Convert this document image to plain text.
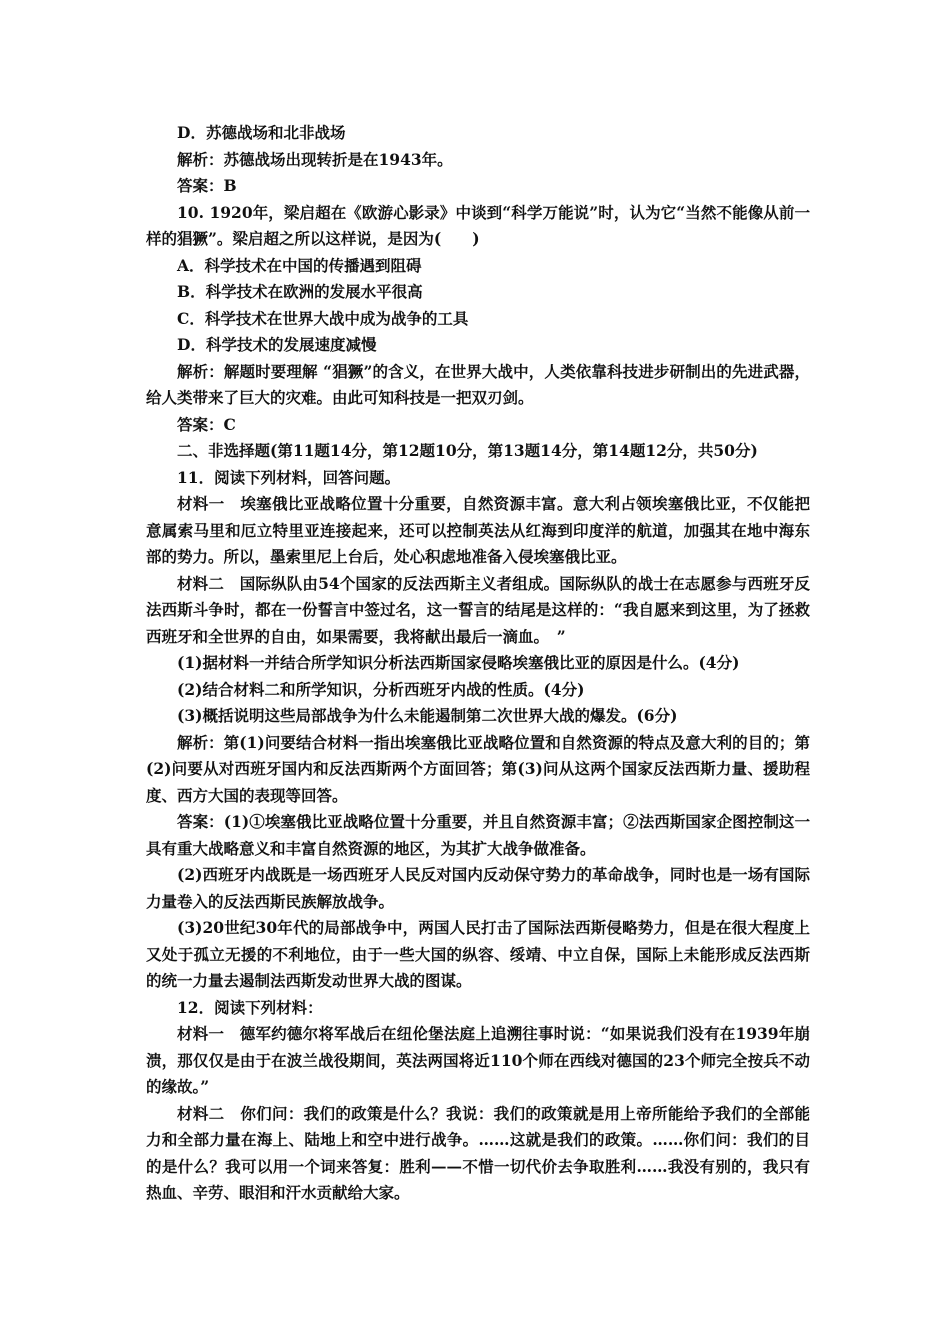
D．苏德战场和北非战场

解析：苏德战场出现转折是在1943年。

答案：B

10. 1920年，梁启超在《欧游心影录》中谈到“科学万能说”时，认为它“当然不能像从前一样的猖獗”。梁启超之所以这样说，是因为(　　)

A．科学技术在中国的传播遇到阻碍

B．科学技术在欧洲的发展水平很高

C．科学技术在世界大战中成为战争的工具

D．科学技术的发展速度减慢

解析：解题时要理解 “猖獗”的含义，在世界大战中，人类依靠科技进步研制出的先进武器，给人类带来了巨大的灾难。由此可知科技是一把双刃剑。

答案：C

二、非选择题(第11题14分，第12题10分，第13题14分，第14题12分，共50分)

11．阅读下列材料，回答问题。

材料一　埃塞俄比亚战略位置十分重要，自然资源丰富。意大利占领埃塞俄比亚，不仅能把意属索马里和厄立特里亚连接起来，还可以控制英法从红海到印度洋的航道，加强其在地中海东部的势力。所以，墨索里尼上台后，处心积虑地准备入侵埃塞俄比亚。

材料二　国际纵队由54个国家的反法西斯主义者组成。国际纵队的战士在志愿参与西班牙反法西斯斗争时，都在一份誓言中签过名，这一誓言的结尾是这样的：“我自愿来到这里，为了拯救西班牙和全世界的自由，如果需要，我将献出最后一滴血。　”

(1)据材料一并结合所学知识分析法西斯国家侵略埃塞俄比亚的原因是什么。(4分)

(2)结合材料二和所学知识，分析西班牙内战的性质。(4分)

(3)概括说明这些局部战争为什么未能遏制第二次世界大战的爆发。(6分)

解析：第(1)问要结合材料一指出埃塞俄比亚战略位置和自然资源的特点及意大利的目的；第(2)问要从对西班牙国内和反法西斯两个方面回答；第(3)问从这两个国家反法西斯力量、援助程度、西方大国的表现等回答。

答案：(1)①埃塞俄比亚战略位置十分重要，并且自然资源丰富；②法西斯国家企图控制这一具有重大战略意义和丰富自然资源的地区，为其扩大战争做准备。

(2)西班牙内战既是一场西班牙人民反对国内反动保守势力的革命战争，同时也是一场有国际力量卷入的反法西斯民族解放战争。

(3)20世纪30年代的局部战争中，两国人民打击了国际法西斯侵略势力，但是在很大程度上又处于孤立无援的不利地位，由于一些大国的纵容、绥靖、中立自保，国际上未能形成反法西斯的统一力量去遏制法西斯发动世界大战的图谋。

12．阅读下列材料：

材料一　德军约德尔将军战后在纽伦堡法庭上追溯往事时说：“如果说我们没有在1939年崩溃，那仅仅是由于在波兰战役期间，英法两国将近110个师在西线对德国的23个师完全按兵不动的缘故。”

材料二　你们问：我们的政策是什么？我说：我们的政策就是用上帝所能给予我们的全部能力和全部力量在海上、陆地上和空中进行战争。……这就是我们的政策。……你们问：我们的目的是什么？我可以用一个词来答复：胜利——不惜一切代价去争取胜利……我没有别的，我只有热血、辛劳、眼泪和汗水贡献给大家。
